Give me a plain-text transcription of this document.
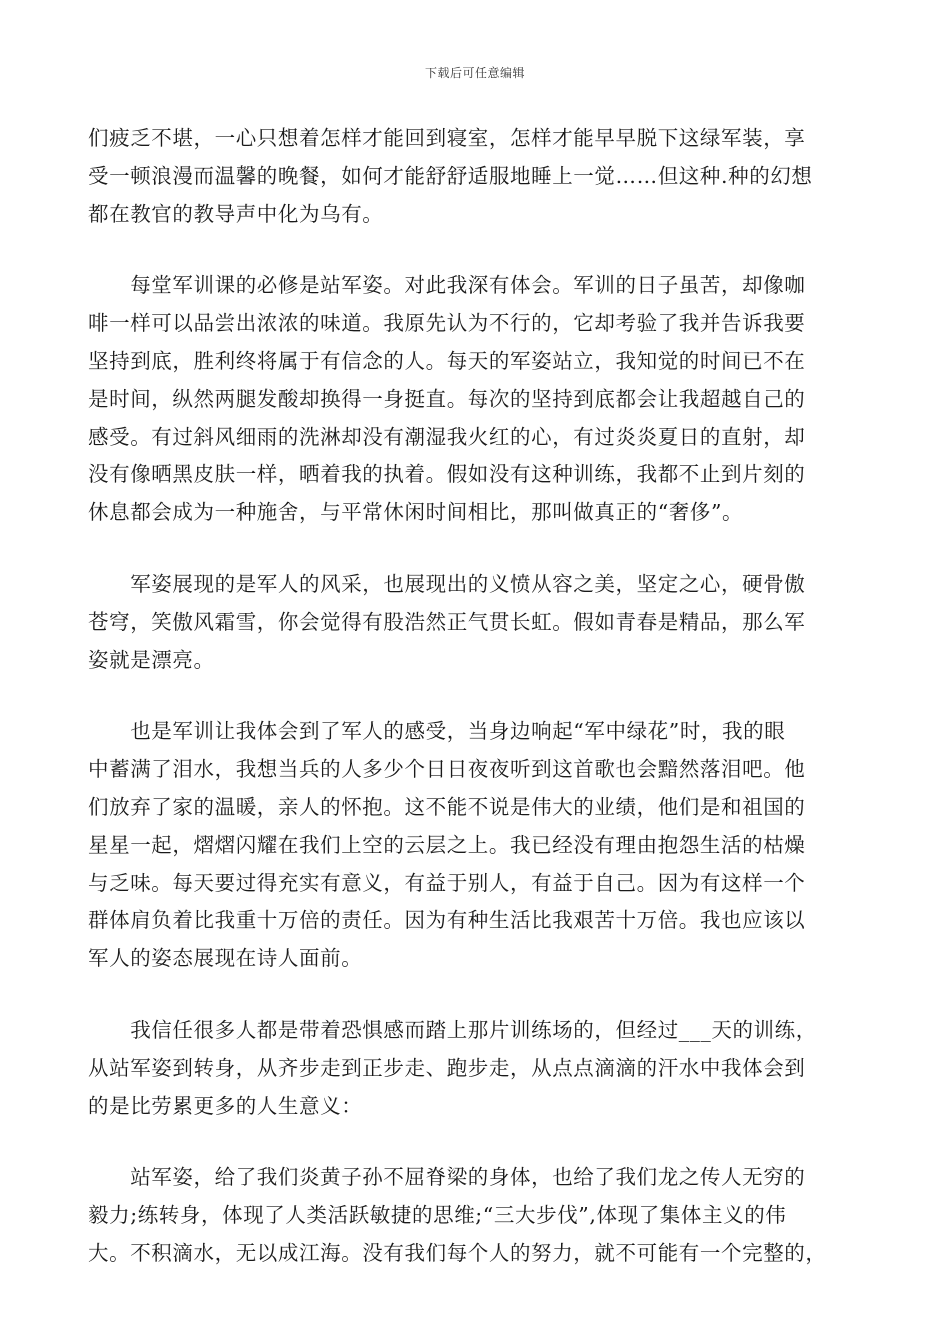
下载后可任意编辑
们疲乏不堪，一心只想着怎样才能回到寝室，怎样才能早早脱下这绿军装，享
受一顿浪漫而温馨的晚餐，如何才能舒舒适服地睡上一觉……但这种.种的幻想
都在教官的教导声中化为乌有。
　　每堂军训课的必修是站军姿。对此我深有体会。军训的日子虽苦，却像咖
啡一样可以品尝出浓浓的味道。我原先认为不行的，它却考验了我并告诉我要
坚持到底，胜利终将属于有信念的人。每天的军姿站立，我知觉的时间已不在
是时间，纵然两腿发酸却换得一身挺直。每次的坚持到底都会让我超越自己的
感受。有过斜风细雨的洗淋却没有潮湿我火红的心，有过炎炎夏日的直射，却
没有像晒黑皮肤一样，晒着我的执着。假如没有这种训练，我都不止到片刻的
休息都会成为一种施舍，与平常休闲时间相比，那叫做真正的“奢侈”。
　　军姿展现的是军人的风采，也展现出的义愤从容之美，坚定之心，硬骨傲
苍穹，笑傲风霜雪，你会觉得有股浩然正气贯长虹。假如青春是精品，那么军
姿就是漂亮。
　　也是军训让我体会到了军人的感受，当身边响起“军中绿花”时，我的眼
中蓄满了泪水，我想当兵的人多少个日日夜夜听到这首歌也会黯然落泪吧。他
们放弃了家的温暖，亲人的怀抱。这不能不说是伟大的业绩，他们是和祖国的
星星一起，熠熠闪耀在我们上空的云层之上。我已经没有理由抱怨生活的枯燥
与乏味。每天要过得充实有意义，有益于别人，有益于自己。因为有这样一个
群体肩负着比我重十万倍的责任。因为有种生活比我艰苦十万倍。我也应该以
军人的姿态展现在诗人面前。
　　我信任很多人都是带着恐惧感而踏上那片训练场的，但经过___天的训练，
从站军姿到转身，从齐步走到正步走、跑步走，从点点滴滴的汗水中我体会到
的是比劳累更多的人生意义：
　　站军姿，给了我们炎黄子孙不屈脊梁的身体，也给了我们龙之传人无穷的
毅力;练转身，体现了人类活跃敏捷的思维;“三大步伐”,体现了集体主义的伟
大。不积滴水，无以成江海。没有我们每个人的努力，就不可能有一个完整的，
